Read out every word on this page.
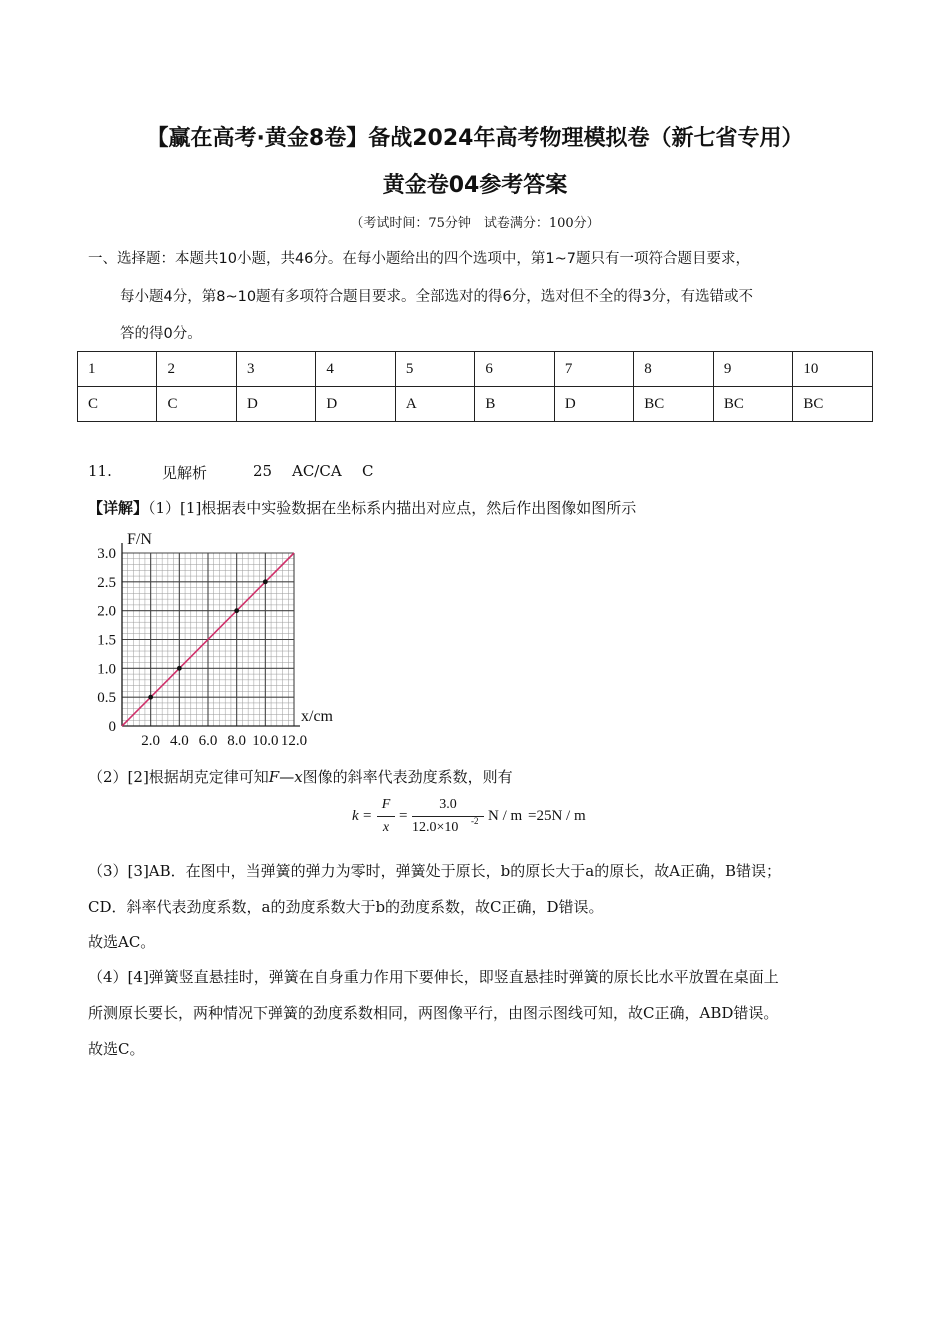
【赢在高考·黄金8卷】备战2024年高考物理模拟卷（新七省专用）
黄金卷04参考答案
（考试时间：75分钟　试卷满分：100分）
一、选择题：本题共10小题，共46分。在每小题给出的四个选项中，第1~7题只有一项符合题目要求，
每小题4分，第8~10题有多项符合题目要求。全部选对的得6分，选对但不全的得3分，有选错或不
答的得0分。
1	2	3	4	5	6	7	8	9	10
C	C	D	D	A	B	D	BC	BC	BC
11.	见解析	25 AC/CA C
【详解】（1）[1]根据表中实验数据在坐标系内描出对应点，然后作出图像如图所示
0
0.5
1.0
1.5
2.0
2.5
3.0
2.0 4.0 6.0 8.0 10.0 12.0
F/N
x/cm
（2）[2]根据胡克定律可知F—x图像的斜率代表劲度系数，则有
k =
F
x
=
3.0
12.0×10 -2 N / m =25N / m
（3）[3]AB．在图中，当弹簧的弹力为零时，弹簧处于原长，b的原长大于a的原长，故A正确，B错误；
CD．斜率代表劲度系数，a的劲度系数大于b的劲度系数，故C正确，D错误。
故选AC。
（4）[4]弹簧竖直悬挂时，弹簧在自身重力作用下要伸长，即竖直悬挂时弹簧的原长比水平放置在桌面上
所测原长要长，两种情况下弹簧的劲度系数相同，两图像平行，由图示图线可知，故C正确，ABD错误。
故选C。
